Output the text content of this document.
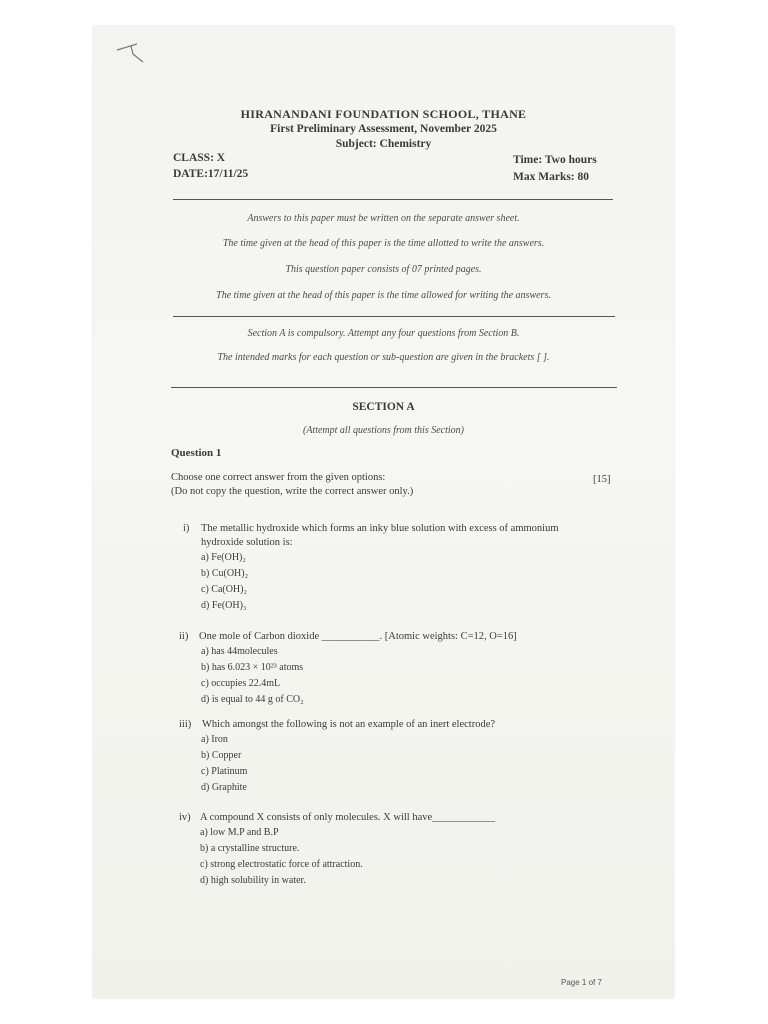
HIRANANDANI FOUNDATION SCHOOL, THANE
First Preliminary Assessment, November 2025
Subject: Chemistry
CLASS: X
DATE:17/11/25
Time: Two hours
Max Marks: 80
Answers to this paper must be written on the separate answer sheet.
The time given at the head of this paper is the time allotted to write the answers.
This question paper consists of 07 printed pages.
The time given at the head of this paper is the time allowed for writing the answers.
Section A is compulsory. Attempt any four questions from Section B.
The intended marks for each question or sub-question are given in the brackets [ ].
SECTION A
(Attempt all questions from this Section)
Question 1
Choose one correct answer from the given options:
(Do not copy the question, write the correct answer only.)
[15]
i) The metallic hydroxide which forms an inky blue solution with excess of ammonium
hydroxide solution is:
a) Fe(OH)₂
b) Cu(OH)₂
c) Ca(OH)₂
d) Fe(OH)₃
ii) One mole of Carbon dioxide ___________. [Atomic weights: C=12, O=16]
a) has 44molecules
b) has 6.023 × 10²³ atoms
c) occupies 22.4mL
d) is equal to 44 g of CO₂
iii) Which amongst the following is not an example of an inert electrode?
a) Iron
b) Copper
c) Platinum
d) Graphite
iv) A compound X consists of only molecules. X will have____________
a) low M.P and B.P
b) a crystalline structure.
c) strong electrostatic force of attraction.
d) high solubility in water.
Page 1 of 7
